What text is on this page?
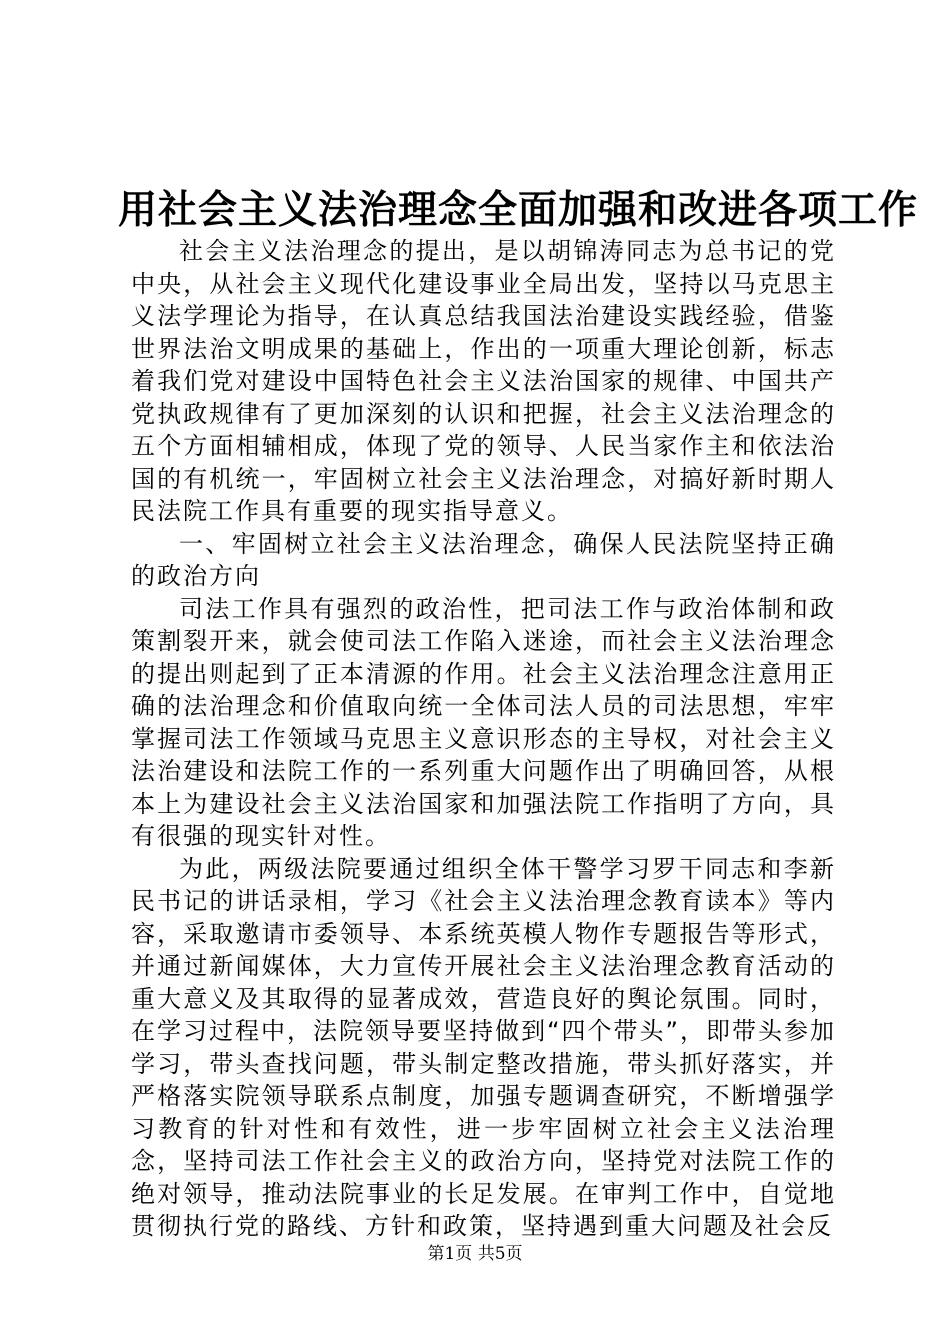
用社会主义法治理念全面加强和改进各项工作

社会主义法治理念的提出，是以胡锦涛同志为总书记的党中央，从社会主义现代化建设事业全局出发，坚持以马克思主义法学理论为指导，在认真总结我国法治建设实践经验，借鉴世界法治文明成果的基础上，作出的一项重大理论创新，标志着我们党对建设中国特色社会主义法治国家的规律、中国共产党执政规律有了更加深刻的认识和把握，社会主义法治理念的五个方面相辅相成，体现了党的领导、人民当家作主和依法治国的有机统一，牢固树立社会主义法治理念，对搞好新时期人民法院工作具有重要的现实指导意义。

一、牢固树立社会主义法治理念，确保人民法院坚持正确的政治方向

司法工作具有强烈的政治性，把司法工作与政治体制和政策割裂开来，就会使司法工作陷入迷途，而社会主义法治理念的提出则起到了正本清源的作用。社会主义法治理念注意用正确的法治理念和价值取向统一全体司法人员的司法思想，牢牢掌握司法工作领域马克思主义意识形态的主导权，对社会主义法治建设和法院工作的一系列重大问题作出了明确回答，从根本上为建设社会主义法治国家和加强法院工作指明了方向，具有很强的现实针对性。

为此，两级法院要通过组织全体干警学习罗干同志和李新民书记的讲话录相，学习《社会主义法治理念教育读本》等内容，采取邀请市委领导、本系统英模人物作专题报告等形式，并通过新闻媒体，大力宣传开展社会主义法治理念教育活动的重大意义及其取得的显著成效，营造良好的舆论氛围。同时，在学习过程中，法院领导要坚持做到“四个带头”，即带头参加学习，带头查找问题，带头制定整改措施，带头抓好落实，并严格落实院领导联系点制度，加强专题调查研究，不断增强学习教育的针对性和有效性，进一步牢固树立社会主义法治理念，坚持司法工作社会主义的政治方向，坚持党对法院工作的绝对领导，推动法院事业的长足发展。在审判工作中，自觉地贯彻执行党的路线、方针和政策，坚持遇到重大问题及社会反

第1页 共5页
